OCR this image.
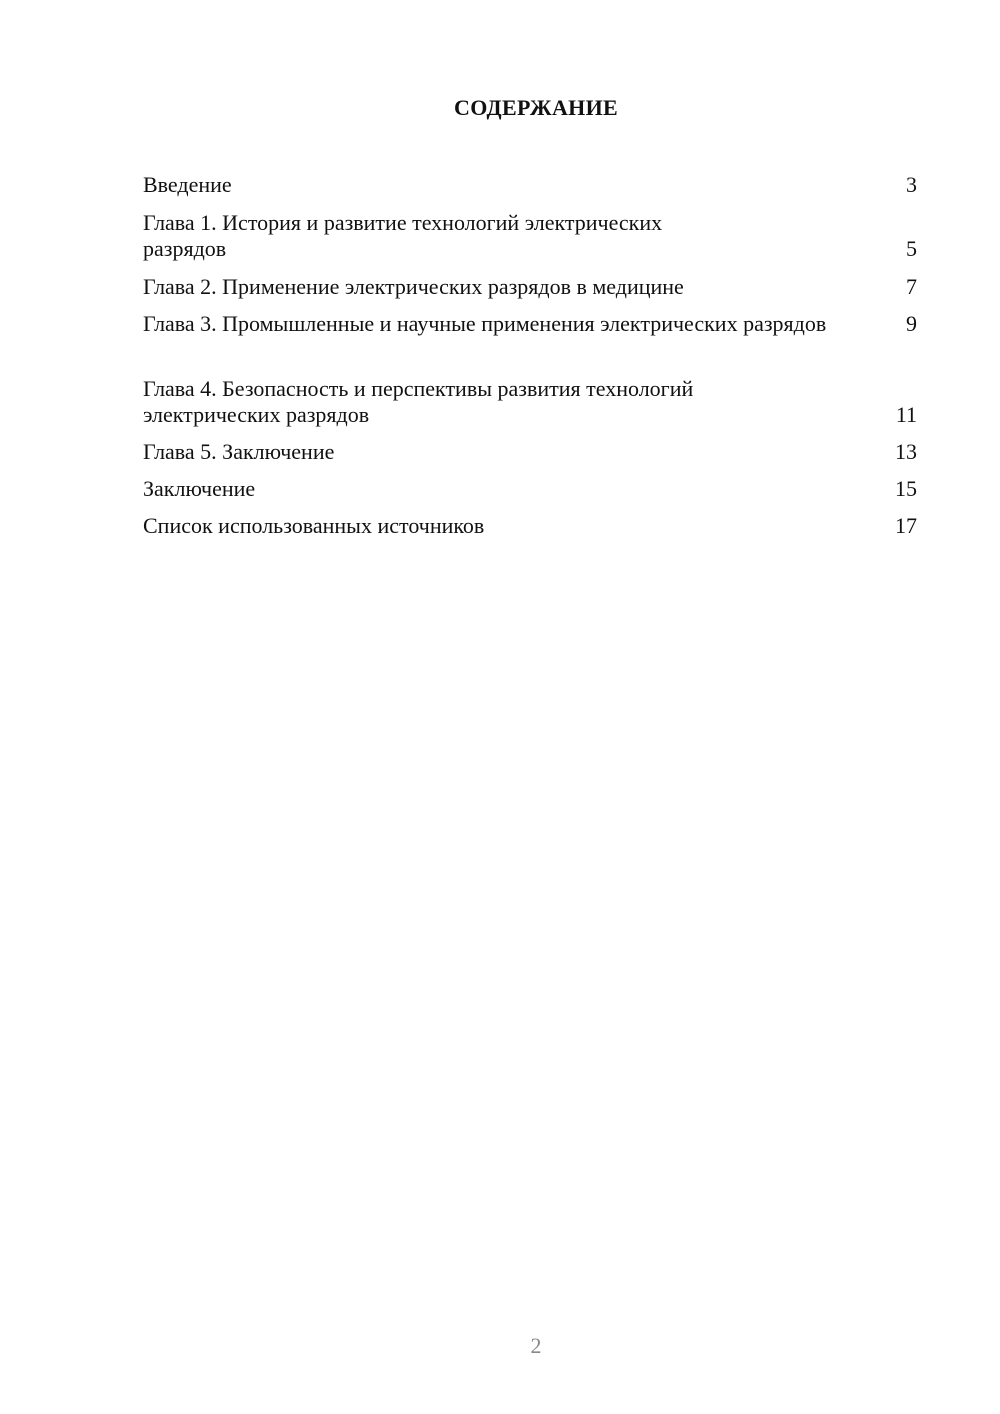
СОДЕРЖАНИЕ
Введение	3
Глава 1. История и развитие технологий электрических разрядов	5
Глава 2. Применение электрических разрядов в медицине	7
Глава 3. Промышленные и научные применения электрических разрядов	9
Глава 4. Безопасность и перспективы развития технологий электрических разрядов	11
Глава 5. Заключение	13
Заключение	15
Список использованных источников	17
2
